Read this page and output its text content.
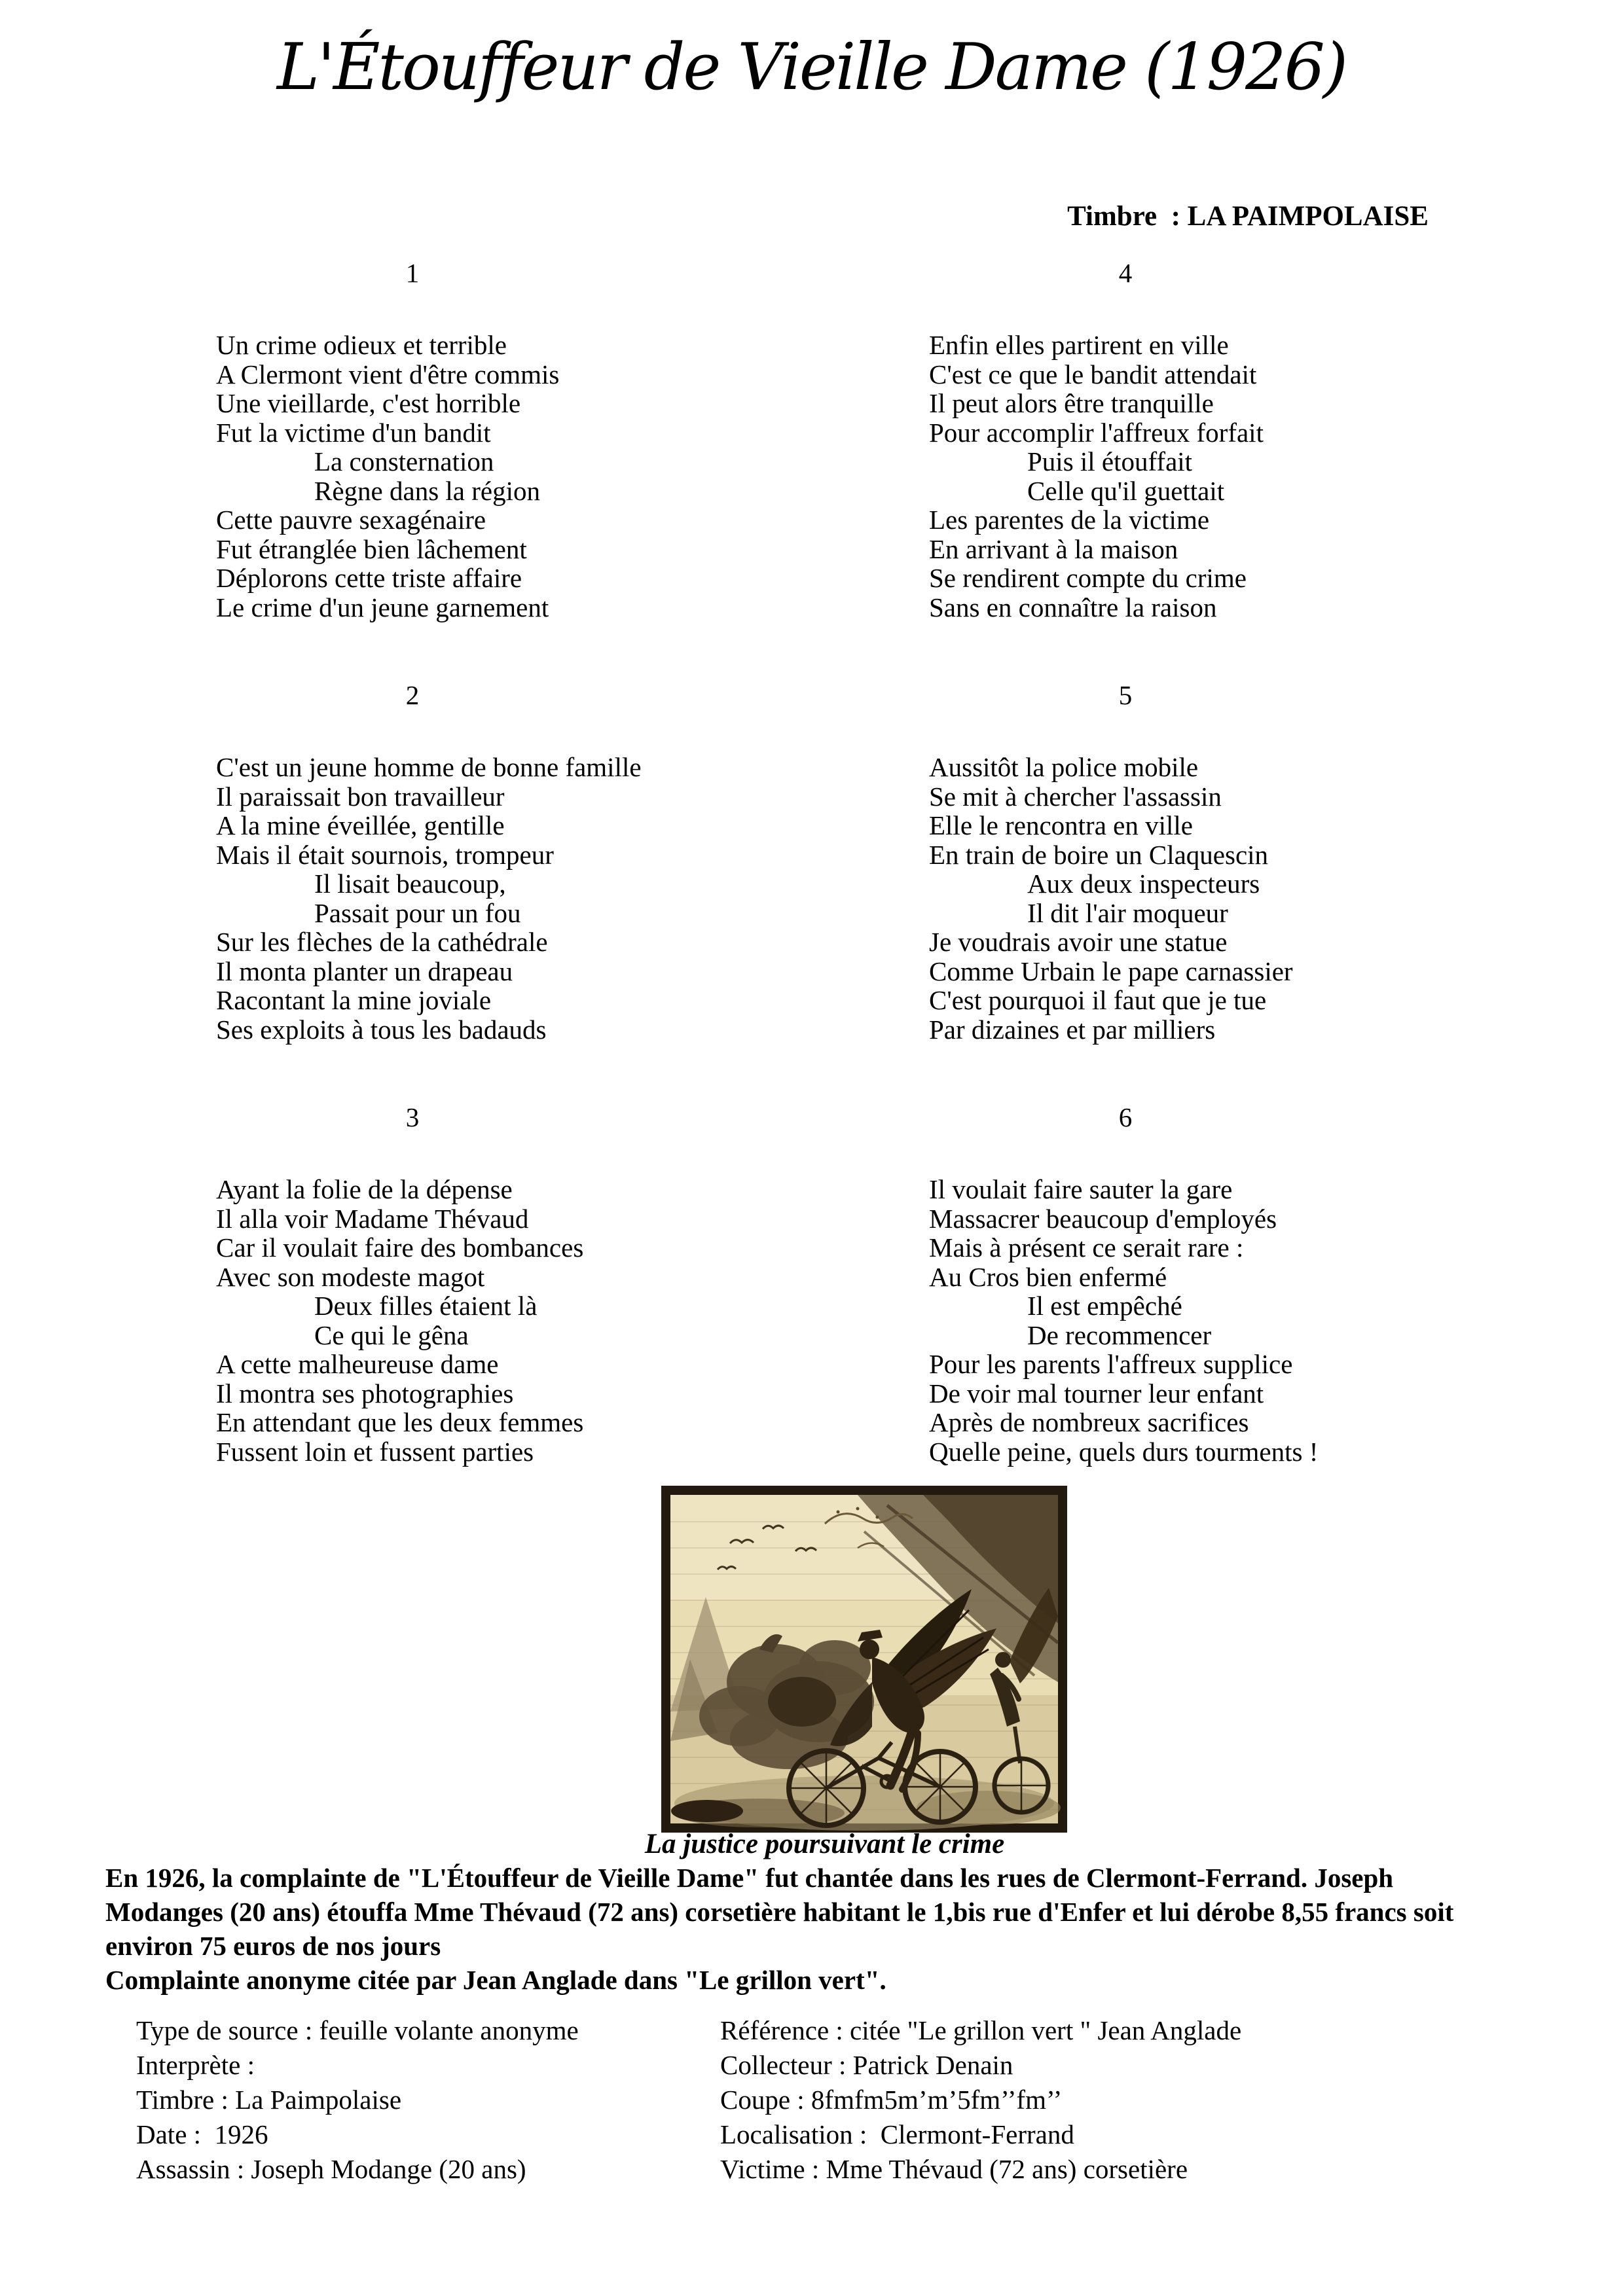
L'Étouffeur de Vieille Dame (1926)
Timbre  : LA PAIMPOLAISE
1
Un crime odieux et terrible
A Clermont vient d'être commis
Une vieillarde, c'est horrible
Fut la victime d'un bandit
La consternation
Règne dans la région
Cette pauvre sexagénaire
Fut étranglée bien lâchement
Déplorons cette triste affaire
Le crime d'un jeune garnement
2
C'est un jeune homme de bonne famille
Il paraissait bon travailleur
A la mine éveillée, gentille
Mais il était sournois, trompeur
Il lisait beaucoup,
Passait pour un fou
Sur les flèches de la cathédrale
Il monta planter un drapeau
Racontant la mine joviale
Ses exploits à tous les badauds
3
Ayant la folie de la dépense
Il alla voir Madame Thévaud
Car il voulait faire des bombances
Avec son modeste magot
Deux filles étaient là
Ce qui le gêna
A cette malheureuse dame
Il montra ses photographies
En attendant que les deux femmes
Fussent loin et fussent parties
4
Enfin elles partirent en ville
C'est ce que le bandit attendait
Il peut alors être tranquille
Pour accomplir l'affreux forfait
Puis il étouffait
Celle qu'il guettait
Les parentes de la victime
En arrivant à la maison
Se rendirent compte du crime
Sans en connaître la raison
5
Aussitôt la police mobile
Se mit à chercher l'assassin
Elle le rencontra en ville
En train de boire un Claquescin
Aux deux inspecteurs
Il dit l'air moqueur
Je voudrais avoir une statue
Comme Urbain le pape carnassier
C'est pourquoi il faut que je tue
Par dizaines et par milliers
6
Il voulait faire sauter la gare
Massacrer beaucoup d'employés
Mais à présent ce serait rare :
Au Cros bien enfermé
Il est empêché
De recommencer
Pour les parents l'affreux supplice
De voir mal tourner leur enfant
Après de nombreux sacrifices
Quelle peine, quels durs tourments !
La justice poursuivant le crime
En 1926, la complainte de "L'Étouffeur de Vieille Dame" fut chantée dans les rues de Clermont-Ferrand. Joseph
Modanges (20 ans) étouffa Mme Thévaud (72 ans) corsetière habitant le 1,bis rue d'Enfer et lui dérobe 8,55 francs soit
environ 75 euros de nos jours
Complainte anonyme citée par Jean Anglade dans "Le grillon vert".
Type de source : feuille volante anonyme
Interprète :
Timbre : La Paimpolaise
Date :  1926
Assassin : Joseph Modange (20 ans)
Référence : citée "Le grillon vert " Jean Anglade
Collecteur : Patrick Denain
Coupe : 8fmfm5m’m’5fm’’fm’’
Localisation :  Clermont-Ferrand
Victime : Mme Thévaud (72 ans) corsetière
